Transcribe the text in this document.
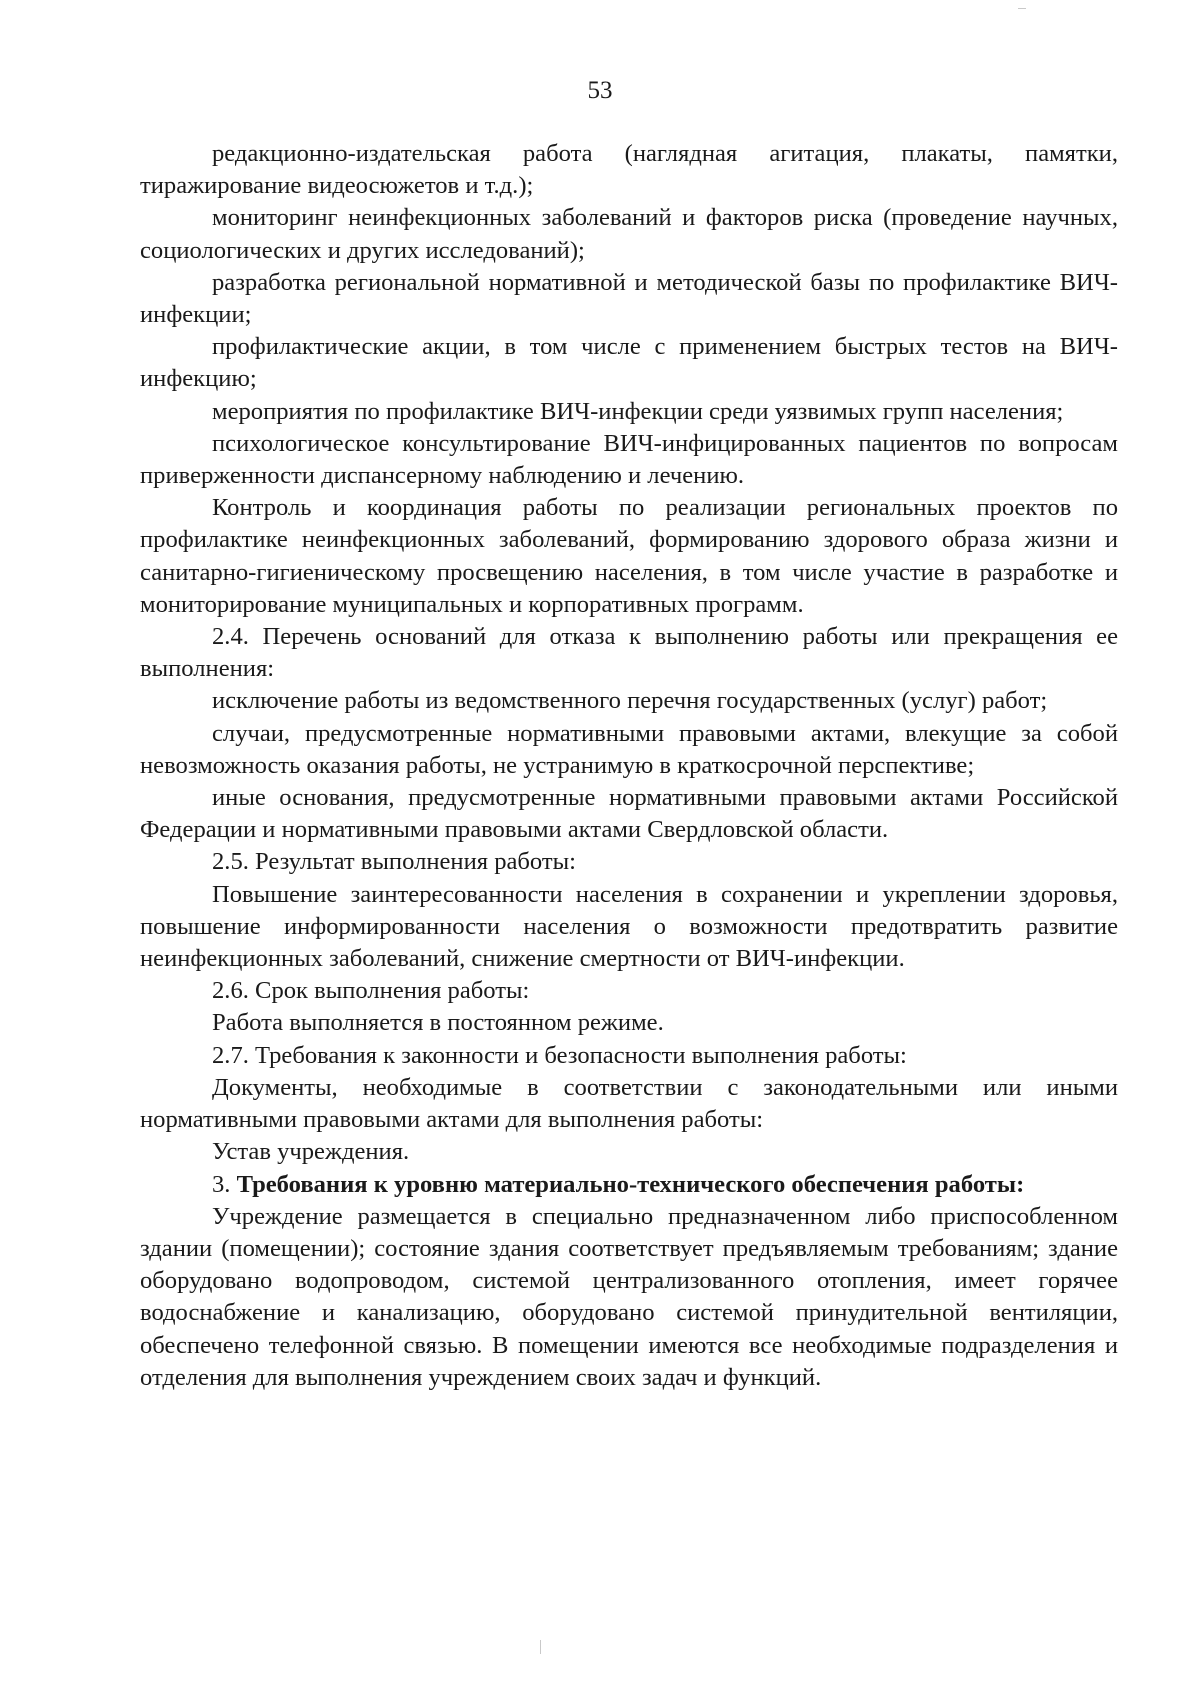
53

редакционно-издательская работа (наглядная агитация, плакаты, памятки, тиражирование видеосюжетов и т.д.);

мониторинг неинфекционных заболеваний и факторов риска (проведение научных, социологических и других исследований);

разработка региональной нормативной и методической базы по профилактике ВИЧ-инфекции;

профилактические акции, в том числе с применением быстрых тестов на ВИЧ-инфекцию;

мероприятия по профилактике ВИЧ-инфекции среди уязвимых групп населения;

психологическое консультирование ВИЧ-инфицированных пациентов по вопросам приверженности диспансерному наблюдению и лечению.

Контроль и координация работы по реализации региональных проектов по профилактике неинфекционных заболеваний, формированию здорового образа жизни и санитарно-гигиеническому просвещению населения, в том числе участие в разработке и мониторирование муниципальных и корпоративных программ.

2.4. Перечень оснований для отказа к выполнению работы или прекращения ее выполнения:

исключение работы из ведомственного перечня государственных (услуг) работ;

случаи, предусмотренные нормативными правовыми актами, влекущие за собой невозможность оказания работы, не устранимую в краткосрочной перспективе;

иные основания, предусмотренные нормативными правовыми актами Российской Федерации и нормативными правовыми актами Свердловской области.

2.5. Результат выполнения работы:

Повышение заинтересованности населения в сохранении и укреплении здоровья, повышение информированности населения о возможности предотвратить развитие неинфекционных заболеваний, снижение смертности от ВИЧ-инфекции.

2.6. Срок выполнения работы:

Работа выполняется в постоянном режиме.

2.7. Требования к законности и безопасности выполнения работы:

Документы, необходимые в соответствии с законодательными или иными нормативными правовыми актами для выполнения работы:

Устав учреждения.

3. Требования к уровню материально-технического обеспечения работы:

Учреждение размещается в специально предназначенном либо приспособленном здании (помещении); состояние здания соответствует предъявляемым требованиям; здание оборудовано водопроводом, системой централизованного отопления, имеет горячее водоснабжение и канализацию, оборудовано системой принудительной вентиляции, обеспечено телефонной связью. В помещении имеются все необходимые подразделения и отделения для выполнения учреждением своих задач и функций.
